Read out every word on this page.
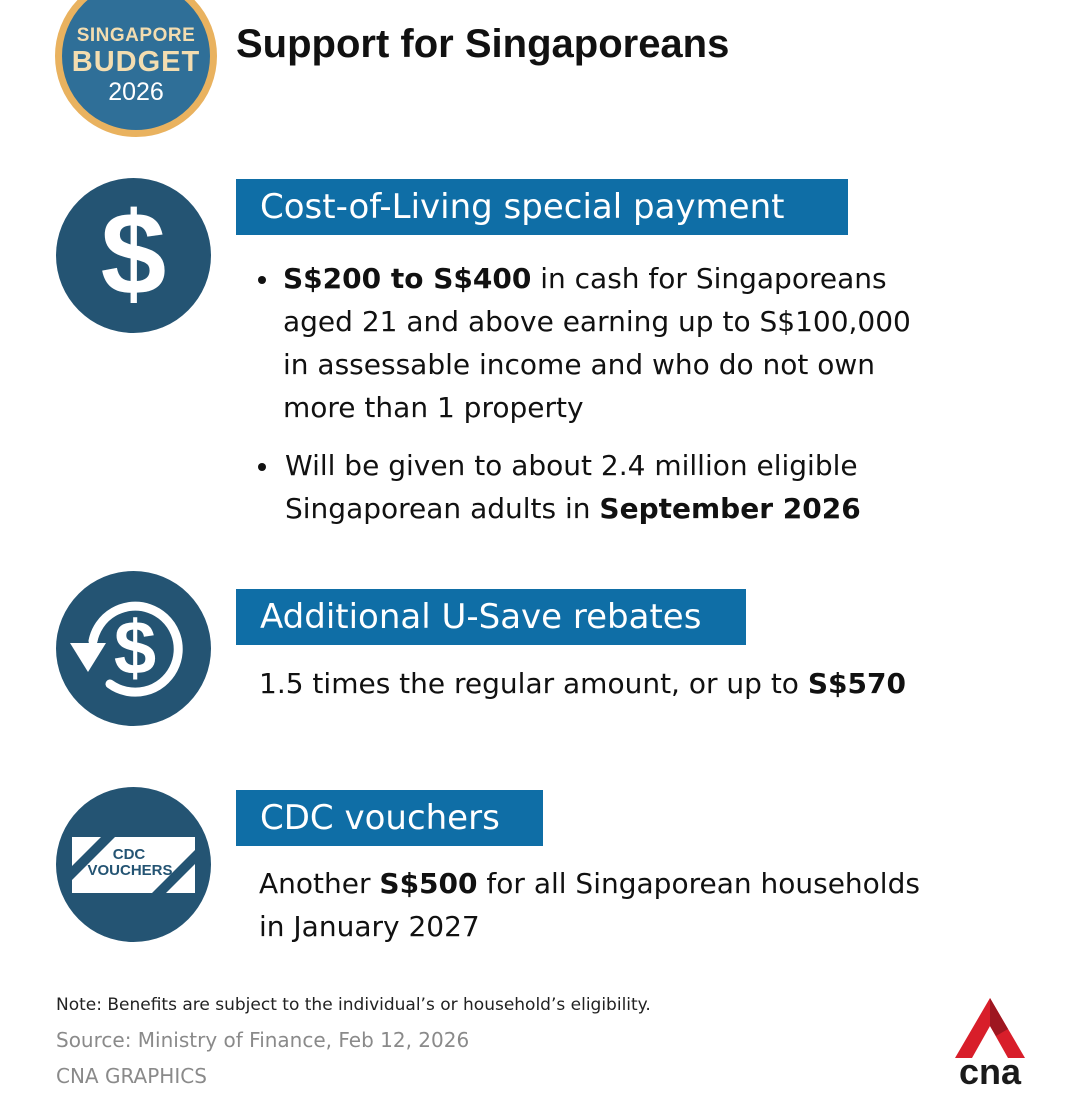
SINGAPORE
BUDGET
2026
Support for Singaporeans
$	Cost-of-Living special payment
S$200 to S$400 in cash for Singaporeans
aged 21 and above earning up to S$100,000
in assessable income and who do not own
more than 1 property
Will be given to about 2.4 million eligible
Singaporean adults in September 2026
$	Additional U-Save rebates
1.5 times the regular amount, or up to S$570
CDC
VOUCHERS
CDC vouchers
Another S$500 for all Singaporean households
in January 2027
Note: Benefits are subject to the individual’s or household’s eligibility.
Source: Ministry of Finance, Feb 12, 2026
CNA GRAPHICS	cna
